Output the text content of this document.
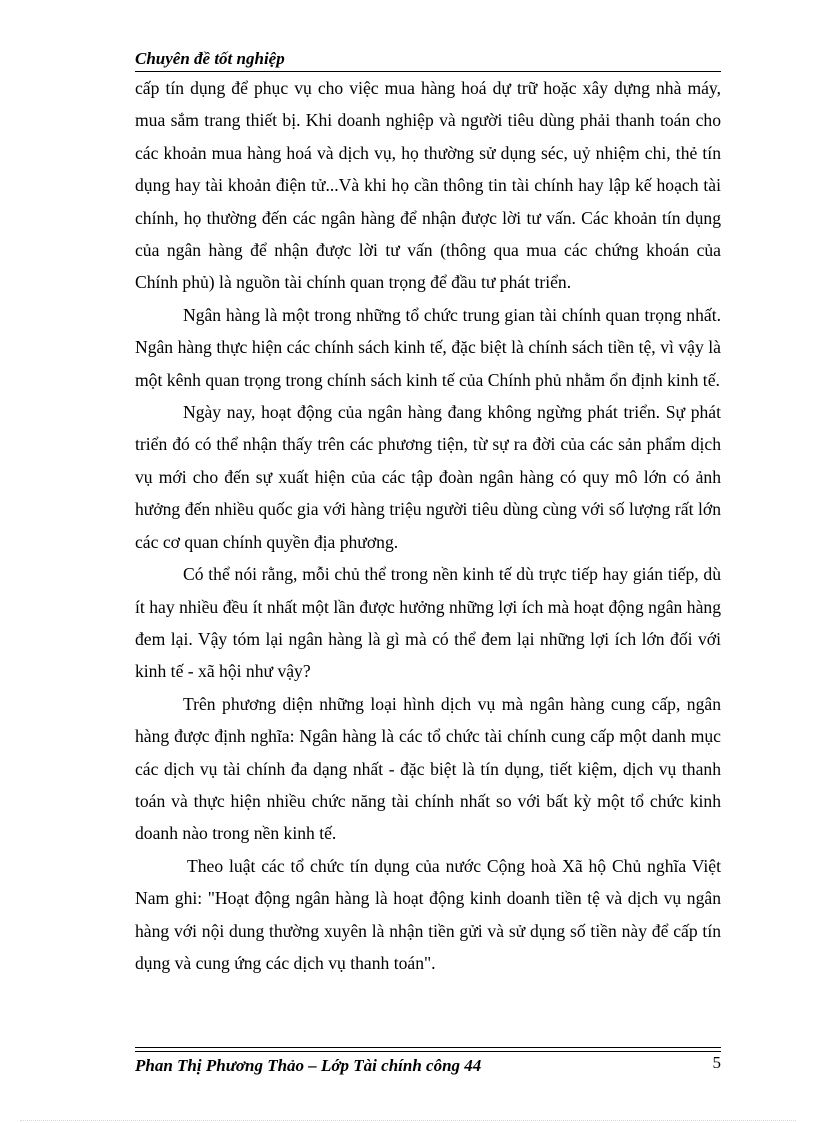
Chuyên đề tốt nghiệp

cấp tín dụng để phục vụ cho việc mua hàng hoá dự trữ hoặc xây dựng nhà máy, mua sắm trang thiết bị. Khi doanh nghiệp và người tiêu dùng phải thanh toán cho các khoản mua hàng hoá và dịch vụ, họ thường sử dụng séc, uỷ nhiệm chi, thẻ tín dụng hay tài khoản điện tử...Và khi họ cần thông tin tài chính hay lập kế hoạch tài chính, họ thường đến các ngân hàng để nhận được lời tư vấn. Các khoản tín dụng của ngân hàng để nhận được lời tư vấn (thông qua mua các chứng khoán của Chính phủ) là nguồn tài chính quan trọng để đầu tư phát triển.

Ngân hàng là một trong những tổ chức trung gian tài chính quan trọng nhất. Ngân hàng thực hiện các chính sách kinh tế, đặc biệt là chính sách tiền tệ, vì vậy là một kênh quan trọng trong chính sách kinh tế của Chính phủ nhằm ổn định kinh tế.

Ngày nay, hoạt động của ngân hàng đang không ngừng phát triển. Sự phát triển đó có thể nhận thấy trên các phương tiện, từ sự ra đời của các sản phẩm dịch vụ mới cho đến sự xuất hiện của các tập đoàn ngân hàng có quy mô lớn có ảnh hưởng đến nhiều quốc gia với hàng triệu người tiêu dùng cùng với số lượng rất lớn các cơ quan chính quyền địa phương.

Có thể nói rằng, mỗi chủ thể trong nền kinh tế dù trực tiếp hay gián tiếp, dù ít hay nhiều đều ít nhất một lần được hưởng những lợi ích mà hoạt động ngân hàng đem lại. Vậy tóm lại ngân hàng là gì mà có thể đem lại những lợi ích lớn đối với kinh tế - xã hội như vậy?

Trên phương diện những loại hình dịch vụ mà ngân hàng cung cấp, ngân hàng được định nghĩa: Ngân hàng là các tổ chức tài chính cung cấp một danh mục các dịch vụ tài chính đa dạng nhất - đặc biệt là tín dụng, tiết kiệm, dịch vụ thanh toán và thực hiện nhiều chức năng tài chính nhất so với bất kỳ một tổ chức kinh doanh nào trong nền kinh tế.

Theo luật các tổ chức tín dụng của nước Cộng hoà Xã hộ Chủ nghĩa Việt Nam ghi: "Hoạt động ngân hàng là hoạt động kinh doanh tiền tệ và dịch vụ ngân hàng với nội dung thường xuyên là nhận tiền gửi và sử dụng số tiền này để cấp tín dụng và cung ứng các dịch vụ thanh toán".

Phan Thị Phương Thảo – Lớp Tài chính công 44	5
